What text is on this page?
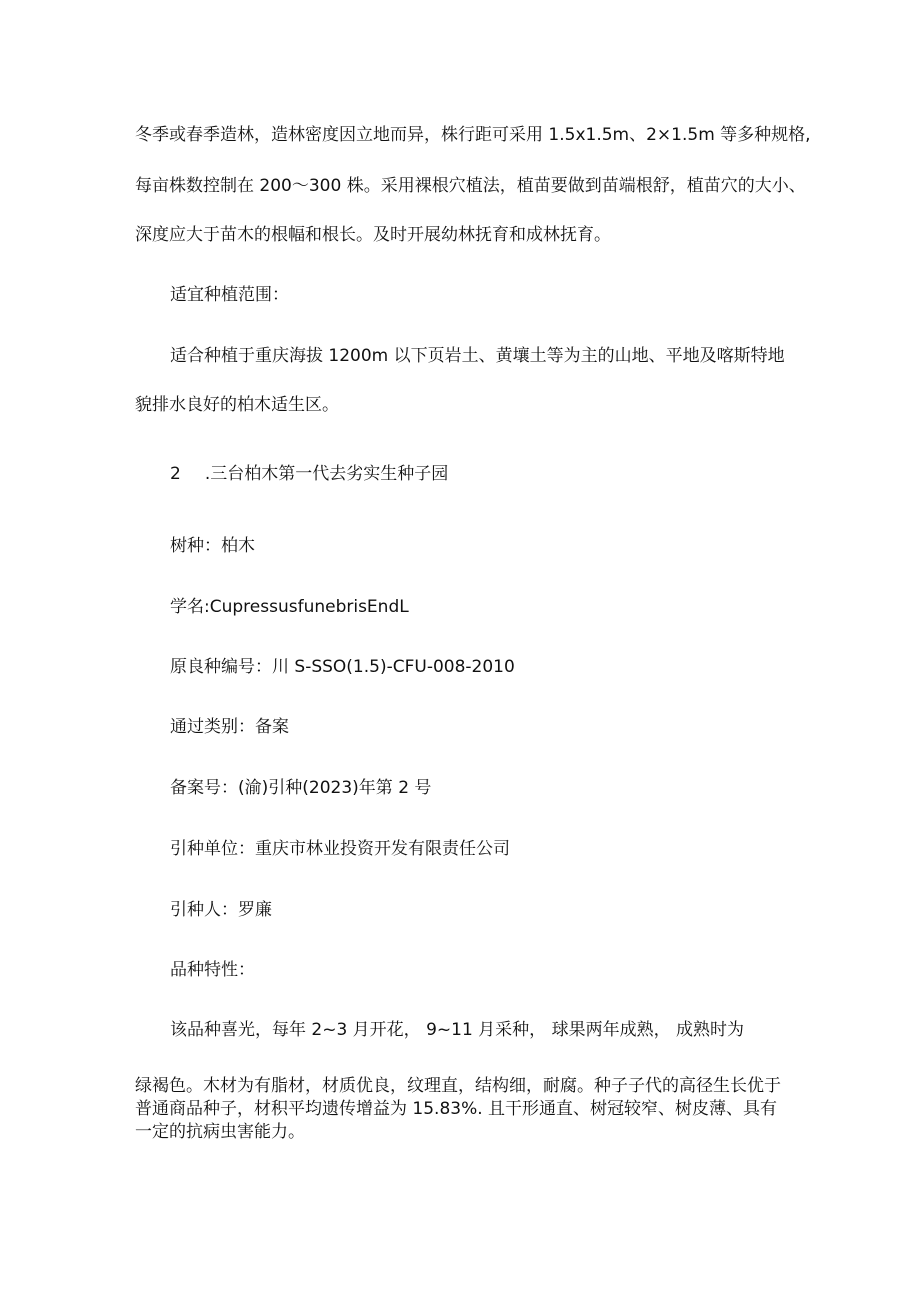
冬季或春季造林，造林密度因立地而异，株行距可采用 1.5x1.5m、2×1.5m 等多种规格,

每亩株数控制在 200～300 株。采用裸根穴植法，植苗要做到苗端根舒，植苗穴的大小、

深度应大于苗木的根幅和根长。及时开展幼林抚育和成林抚育。

适宜种植范围：

适合种植于重庆海拔 1200m 以下页岩土、黄壤土等为主的山地、平地及喀斯特地

貌排水良好的柏木适生区。

2 .三台柏木第一代去劣实生种子园

树种：柏木

学名:CupressusfunebrisEndL

原良种编号：川 S-SSO(1.5)-CFU-008-2010

通过类别：备案

备案号：(渝)引种(2023)年第 2 号

引种单位：重庆市林业投资开发有限责任公司

引种人：罗廉

品种特性：

该品种喜光，每年 2~3 月开花， 9~11 月采种， 球果两年成熟， 成熟时为

绿褐色。木材为有脂材，材质优良，纹理直，结构细，耐腐。种子子代的高径生长优于

普通商品种子，材积平均遗传增益为 15.83%. 且干形通直、树冠较窄、树皮薄、具有

一定的抗病虫害能力。
